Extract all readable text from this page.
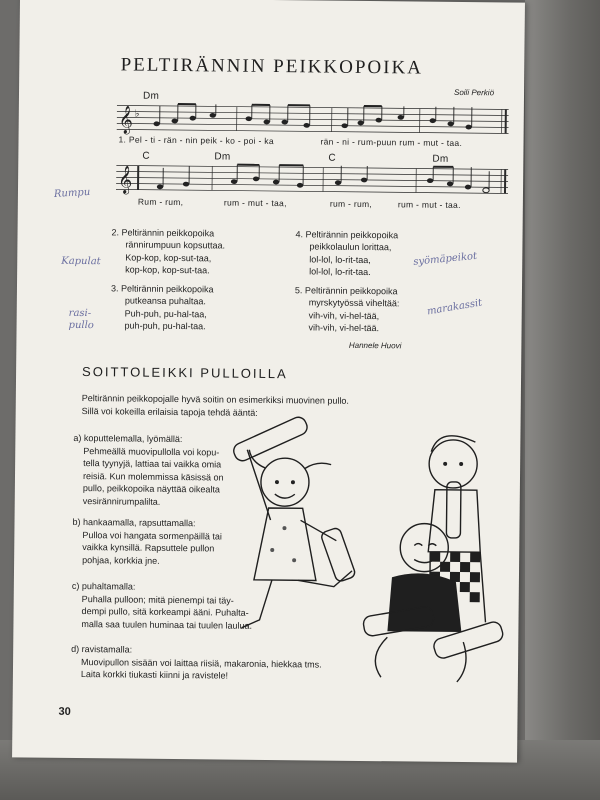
PELTIRÄNNIN PEIKKOPOIKA
Soili Perkiö
Dm
𝄞 ♭
1. Pel - ti - rän - nin peik - ko - poi - ka	rän - ni - rum-puun rum - mut - taa.
C	Dm	C	Dm
𝄞
Rum - rum,	rum - mut - taa,	rum - rum,	rum - mut - taa.
Rumpu
Kapulat
rasi-pullo
syömäpeikot
marakassit
2. Peltirännin peikkopoika
rännirumpuun kopsuttaa.
Kop-kop, kop-sut-taa,
kop-kop, kop-sut-taa.
3. Peltirännin peikkopoika
putkeansa puhaltaa.
Puh-puh, pu-hal-taa,
puh-puh, pu-hal-taa.
4. Peltirännin peikkopoika
peikkolaulun lorittaa,
lol-lol, lo-rit-taa,
lol-lol, lo-rit-taa.
5. Peltirännin peikkopoika
myrskytyössä viheltää:
vih-vih, vi-hel-tää,
vih-vih, vi-hel-tää.
Hannele Huovi
SOITTOLEIKKI PULLOILLA
Peltirännin peikkopojalle hyvä soitin on esimerkiksi muovinen pullo.
Sillä voi kokeilla erilaisia tapoja tehdä ääntä:
a) koputtelemalla, lyömällä:
Pehmeällä muovipullolla voi kopu-
tella tyynyjä, lattiaa tai vaikka omia
reisiä. Kun molemmissa käsissä on
pullo, peikkopoika näyttää oikealta
vesirännirumpalilta.
b) hankaamalla, rapsuttamalla:
Pulloa voi hangata sormenpäillä tai
vaikka kynsillä. Rapsuttele pullon
pohjaa, korkkia jne.
c) puhaltamalla:
Puhalla pulloon; mitä pienempi tai täy-
dempi pullo, sitä korkeampi ääni. Puhalta-
malla saa tuulen huminaa tai tuulen laulua.
d) ravistamalla:
Muovipullon sisään voi laittaa riisiä, makaronia, hiekkaa tms.
Laita korkki tiukasti kiinni ja ravistele!
30
